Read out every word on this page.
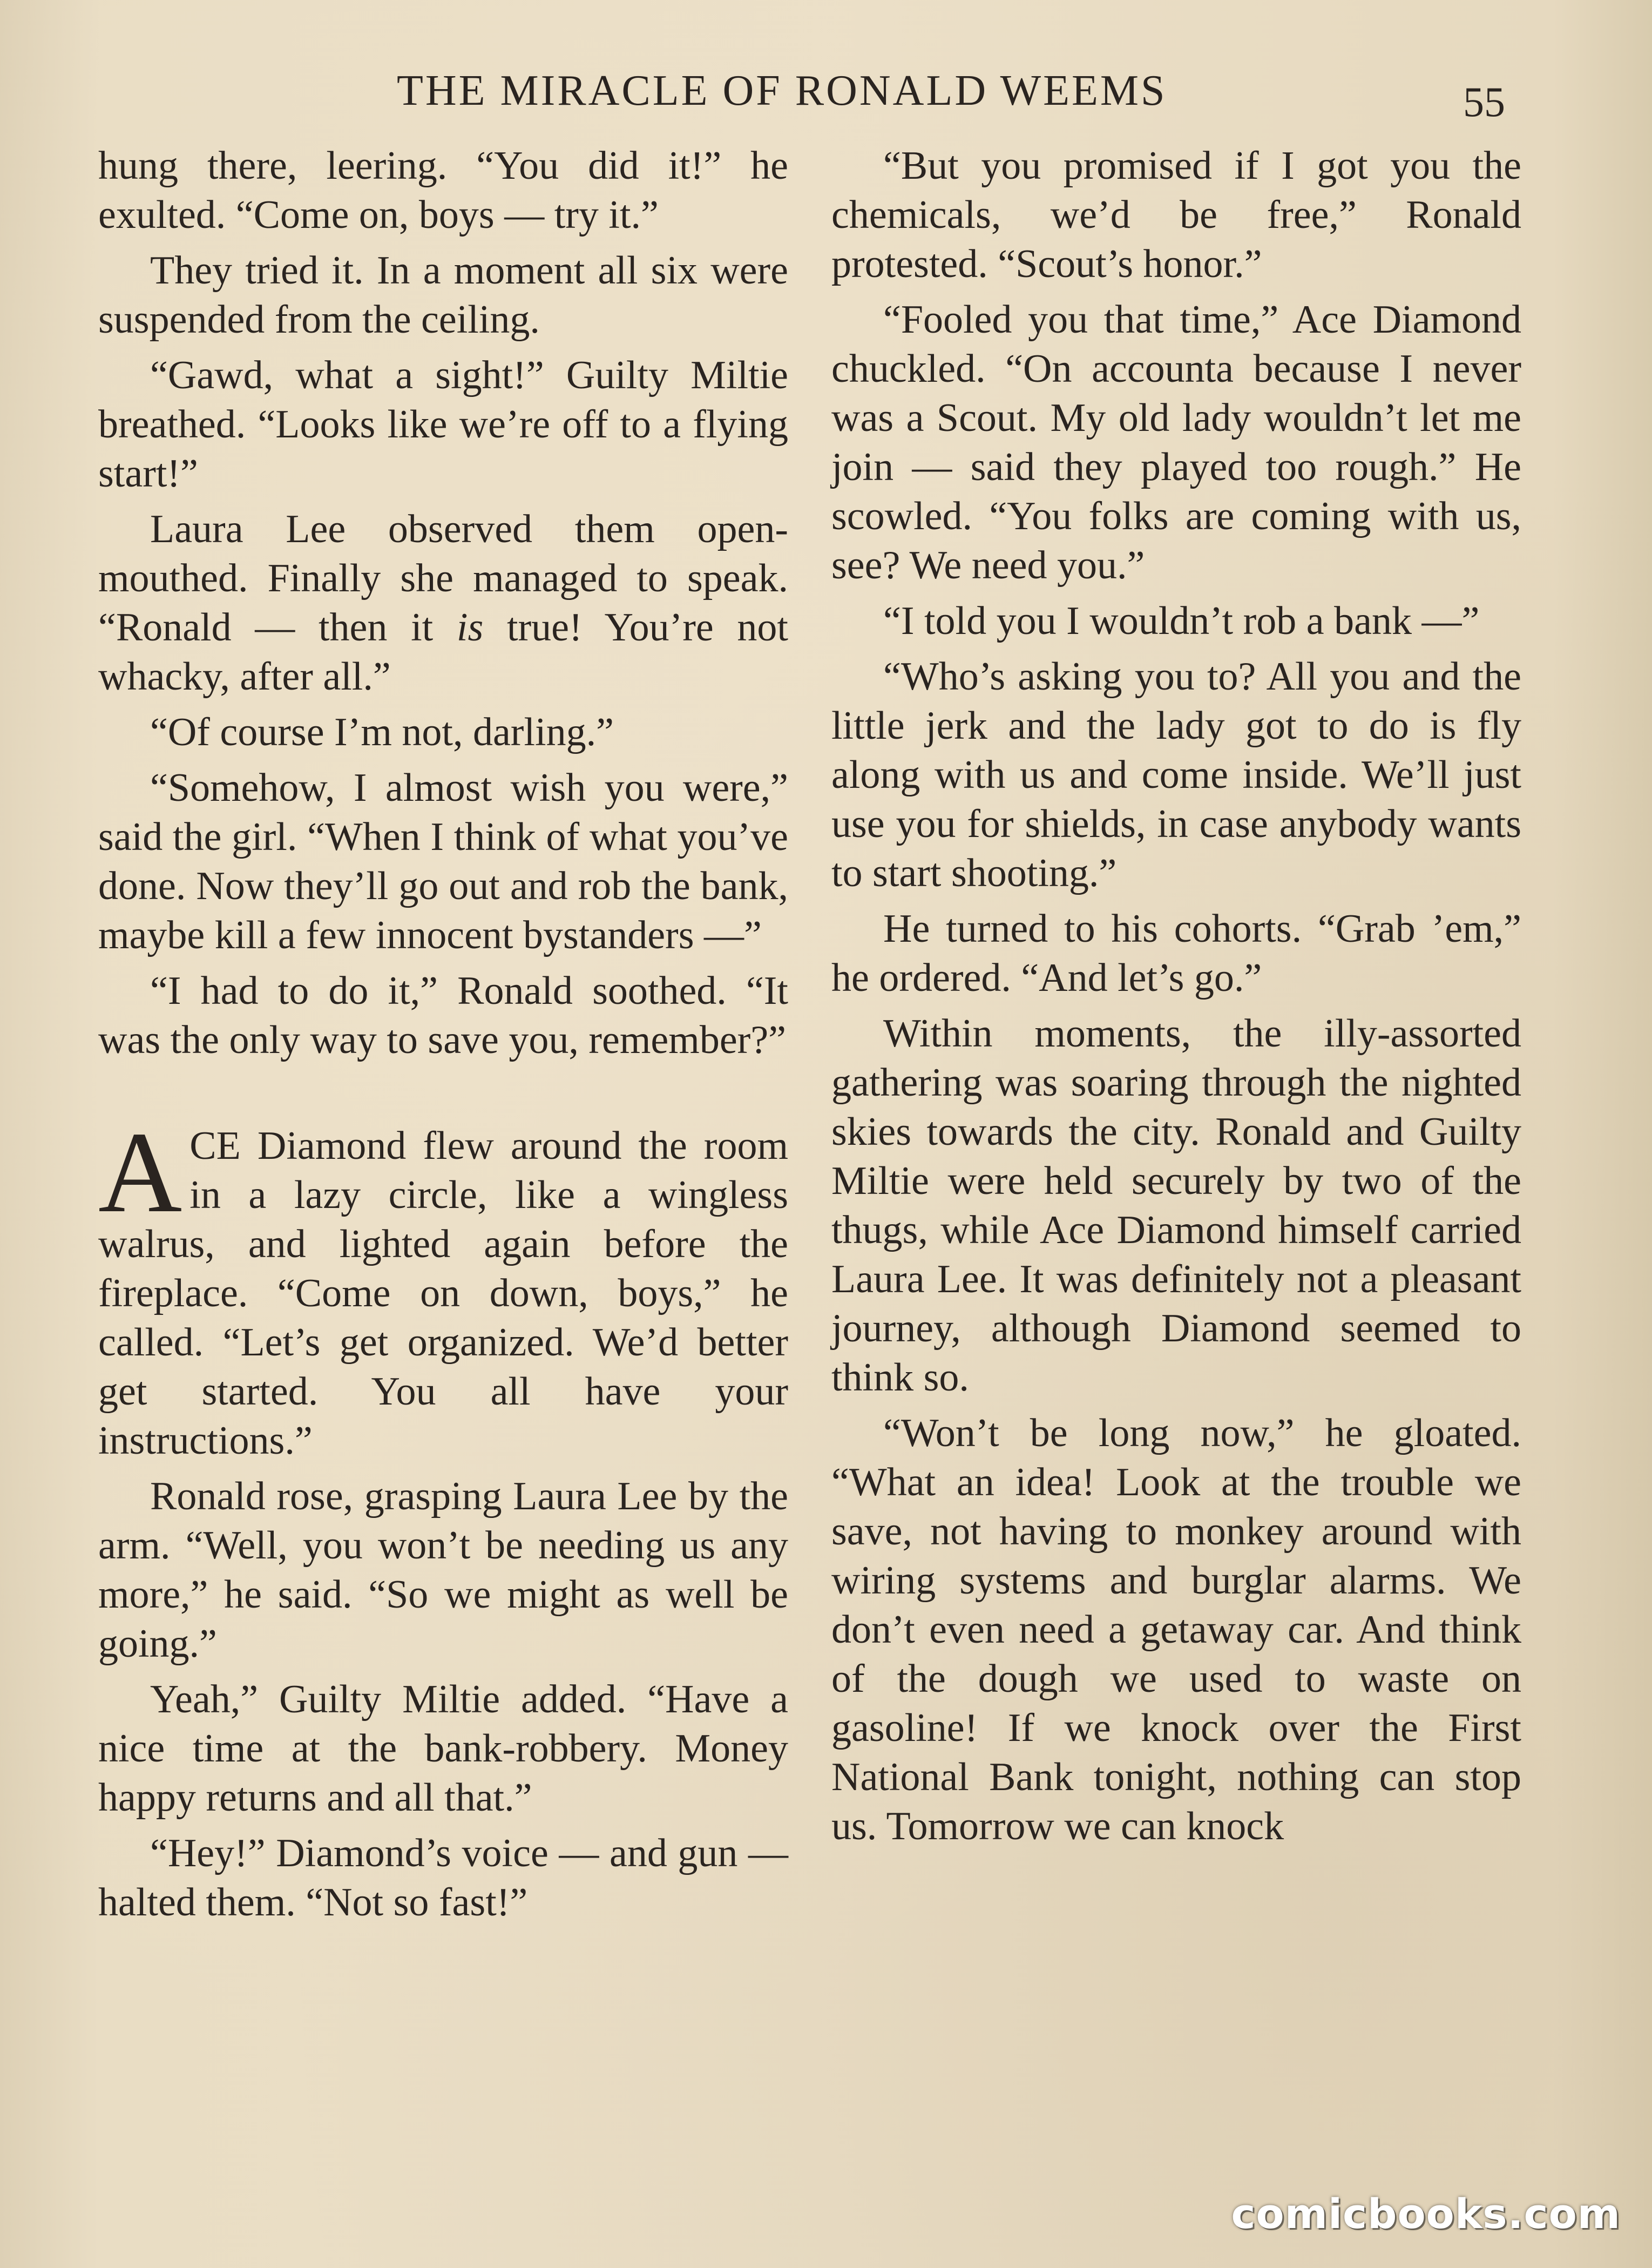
THE MIRACLE OF RONALD WEEMS	55

hung there, leering. “You did it!” he exulted. “Come on, boys — try it.”

They tried it. In a moment all six were suspended from the ceiling.

“Gawd, what a sight!” Guilty Miltie breathed. “Looks like we’re off to a flying start!”

Laura Lee observed them open-mouthed. Finally she managed to speak. “Ronald — then it is true! You’re not whacky, after all.”

“Of course I’m not, darling.”

“Somehow, I almost wish you were,” said the girl. “When I think of what you’ve done. Now they’ll go out and rob the bank, maybe kill a few innocent bystanders —”

“I had to do it,” Ronald soothed. “It was the only way to save you, remember?”

ACE Diamond flew around the room in a lazy circle, like a wingless walrus, and lighted again before the fireplace. “Come on down, boys,” he called. “Let’s get organized. We’d better get started. You all have your instructions.”

Ronald rose, grasping Laura Lee by the arm. “Well, you won’t be needing us any more,” he said. “So we might as well be going.”

Yeah,” Guilty Miltie added. “Have a nice time at the bank-robbery. Money happy returns and all that.”

“Hey!” Diamond’s voice — and gun — halted them. “Not so fast!”

“But you promised if I got you the chemicals, we’d be free,” Ronald protested. “Scout’s honor.”

“Fooled you that time,” Ace Diamond chuckled. “On accounta because I never was a Scout. My old lady wouldn’t let me join — said they played too rough.” He scowled. “You folks are coming with us, see? We need you.”

“I told you I wouldn’t rob a bank —”

“Who’s asking you to? All you and the little jerk and the lady got to do is fly along with us and come inside. We’ll just use you for shields, in case anybody wants to start shooting.”

He turned to his cohorts. “Grab ’em,” he ordered. “And let’s go.”

Within moments, the illy-assorted gathering was soaring through the nighted skies towards the city. Ronald and Guilty Miltie were held securely by two of the thugs, while Ace Diamond himself carried Laura Lee. It was definitely not a pleasant journey, although Diamond seemed to think so.

“Won’t be long now,” he gloated. “What an idea! Look at the trouble we save, not having to monkey around with wiring systems and burglar alarms. We don’t even need a getaway car. And think of the dough we used to waste on gasoline! If we knock over the First National Bank tonight, nothing can stop us. Tomorrow we can knock

comicbooks.com
